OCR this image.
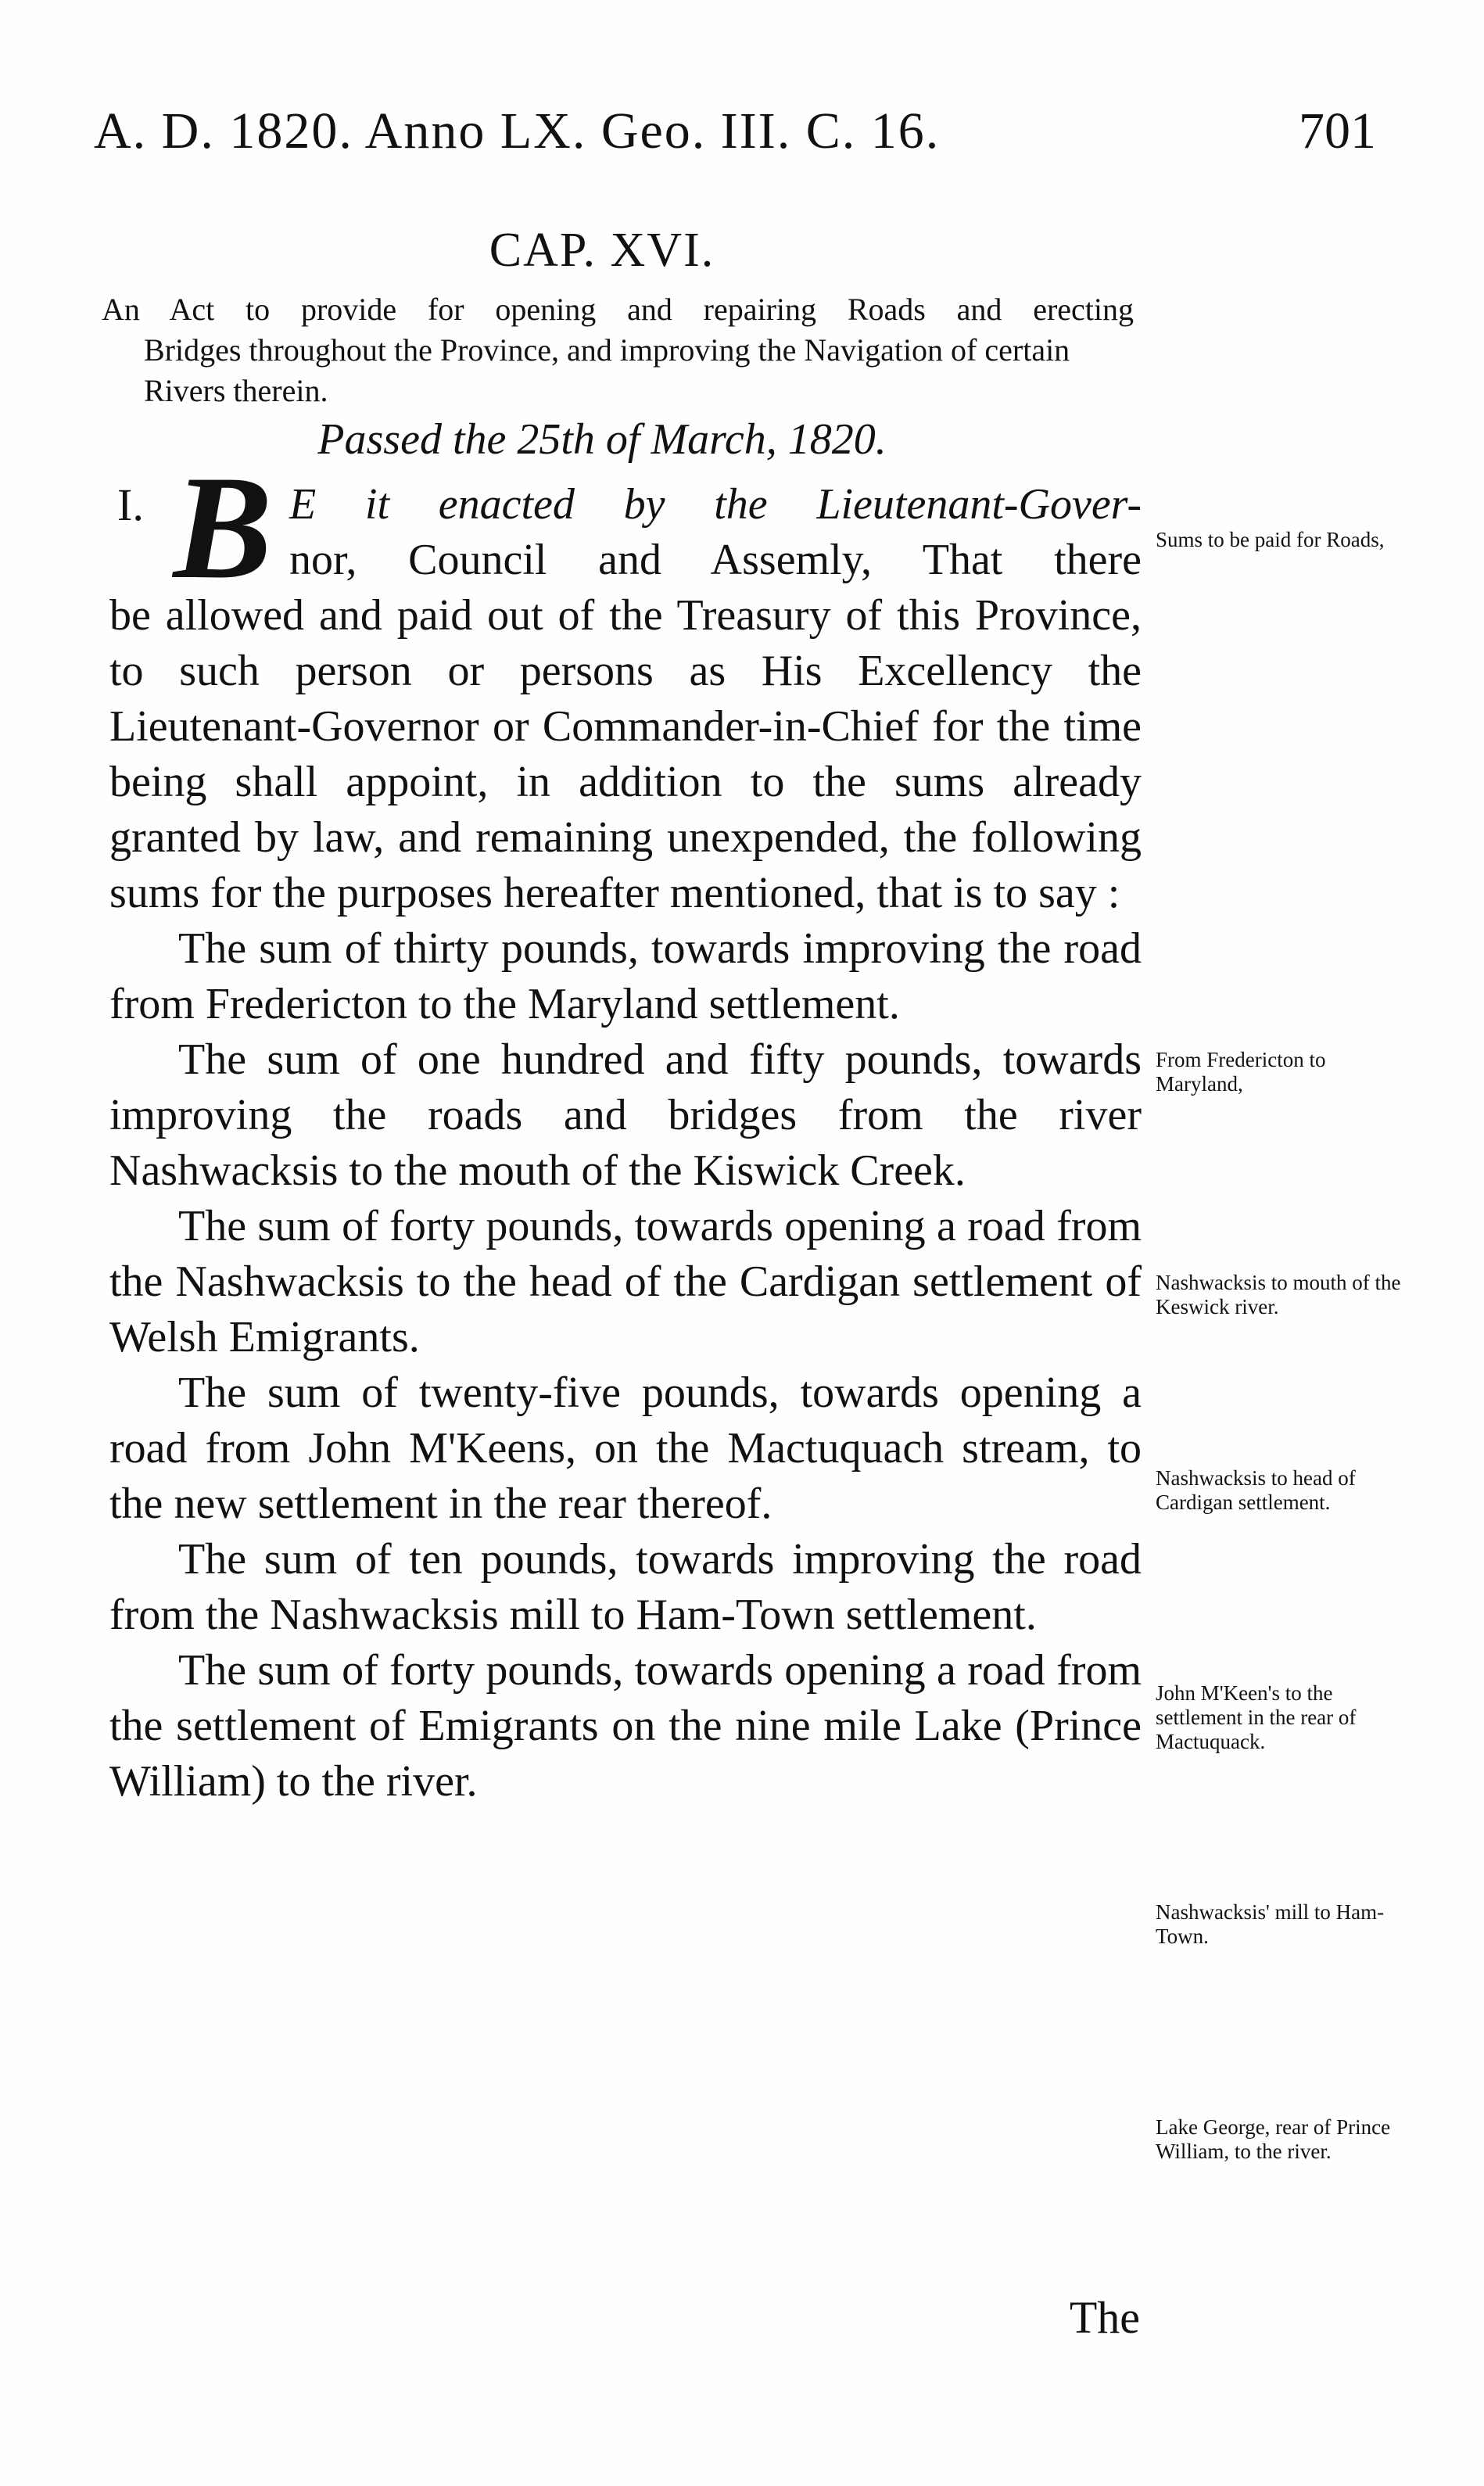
A. D. 1820. Anno LX. Geo. III. C. 16.	701
CAP. XVI.
An Act to provide for opening and repairing Roads and erecting
Bridges throughout the Province, and improving the Navigation of certain Rivers therein.
Passed the 25th of March, 1820.
I. B E it enacted by the Lieutenant-Gover-
nor, Council and Assemly, That there
be allowed and paid out of the Treasury of this Province, to such person or persons as His Excellency the Lieutenant-Governor or Commander-in-Chief for the time being shall appoint, in addition to the sums already granted by law, and remaining unexpended, the following sums for the purposes hereafter mentioned, that is to say :

The sum of thirty pounds, towards improving the road from Fredericton to the Maryland settlement.

The sum of one hundred and fifty pounds, towards improving the roads and bridges from the river Nashwacksis to the mouth of the Kiswick Creek.

The sum of forty pounds, towards opening a road from the Nashwacksis to the head of the Cardigan settlement of Welsh Emigrants.

The sum of twenty-five pounds, towards opening a road from John M'Keens, on the Mactuquach stream, to the new settlement in the rear thereof.

The sum of ten pounds, towards improving the road from the Nashwacksis mill to Ham-Town settlement.

The sum of forty pounds, towards opening a road from the settlement of Emigrants on the nine mile Lake (Prince William) to the river.

The
Sums to be paid for Roads,
From Fredericton to Maryland,
Nashwacksis to mouth of the Keswick river.
Nashwacksis to head of Cardigan settlement.
John M'Keen's to the settlement in the rear of Mactuquack.
Nashwacksis' mill to Ham-Town.
Lake George, rear of Prince William, to the river.
